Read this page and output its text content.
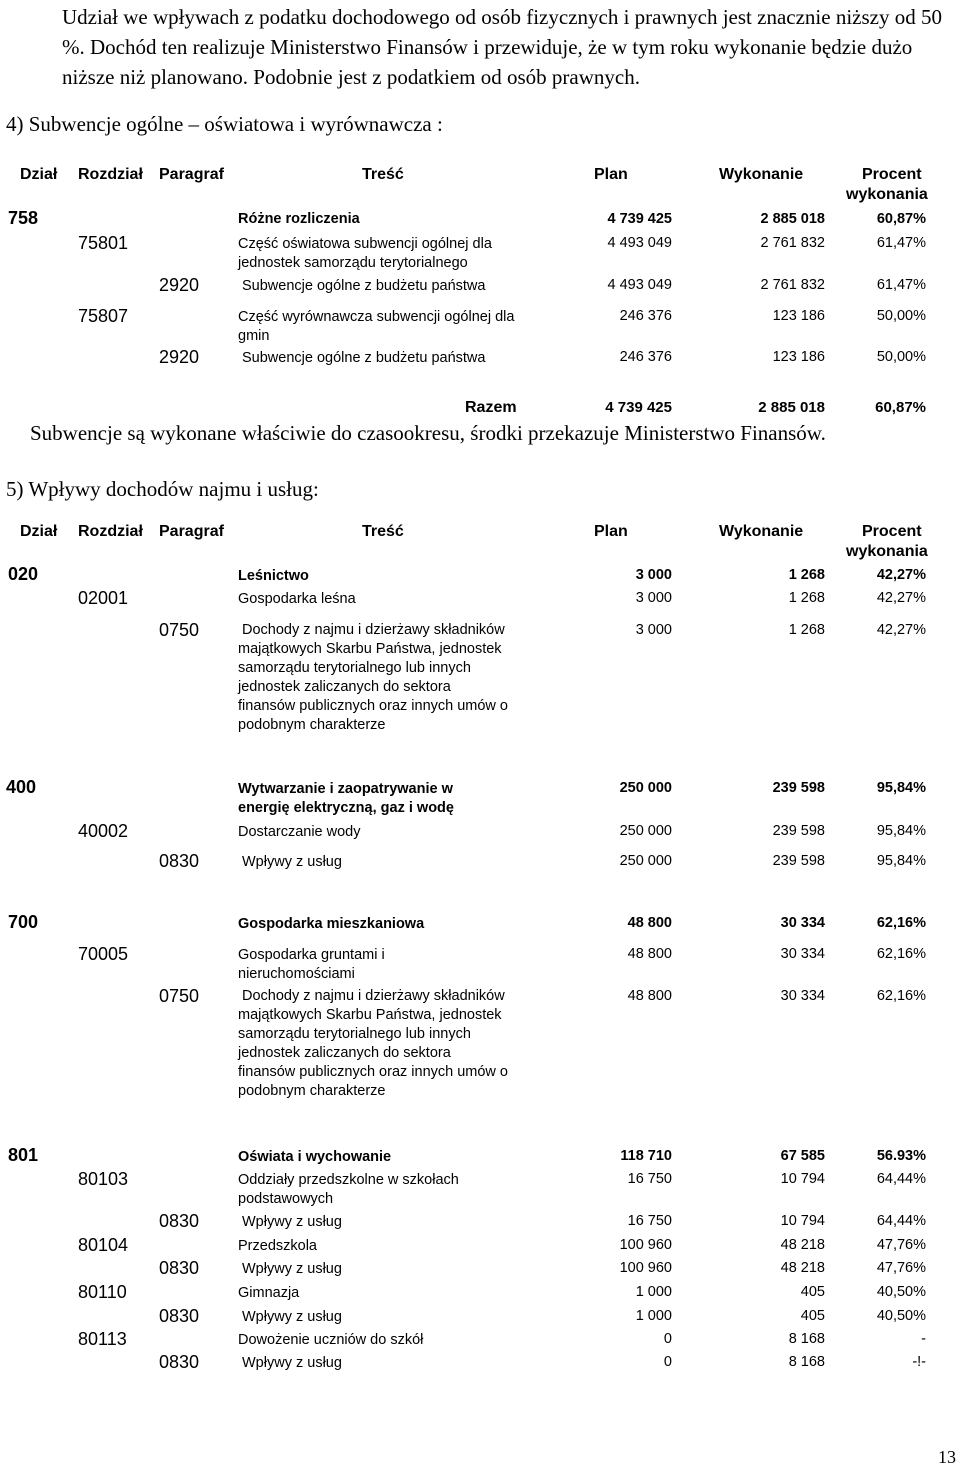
Udział we wpływach z podatku dochodowego od osób fizycznych i prawnych jest znacznie niższy od 50 %. Dochód ten realizuje Ministerstwo Finansów i przewiduje, że w tym roku wykonanie będzie dużo niższe niż planowano. Podobnie jest z podatkiem od osób prawnych.

4) Subwencje ogólne – oświatowa i wyrównawcza :
Dział Rozdział Paragraf	Treść	Plan	Wykonanie	Procent
wykonania
758	Różne rozliczenia	4 739 425	2 885 018	60,87%
75801	Część oświatowa subwencji ogólnej dla jednostek samorządu terytorialnego
4 493 049	2 761 832	61,47%
2920	Subwencje ogólne z budżetu państwa	4 493 049	2 761 832	61,47%
75807	Część wyrównawcza subwencji ogólnej dla gmin
246 376	123 186	50,00%
2920	Subwencje ogólne z budżetu państwa	246 376	123 186	50,00%
Razem	4 739 425	2 885 018	60,87%
Subwencje są wykonane właściwie do czasookresu, środki przekazuje Ministerstwo Finansów.
5) Wpływy dochodów najmu i usług:
Dział Rozdział Paragraf	Treść	Plan	Wykonanie	Procent
wykonania
020	Leśnictwo	3 000	1 268	42,27%
02001	Gospodarka leśna	3 000	1 268	42,27%
0750	Dochody z najmu i dzierżawy składników majątkowych Skarbu Państwa, jednostek samorządu terytorialnego lub innych jednostek zaliczanych do sektora finansów publicznych oraz innych umów o podobnym charakterze
3 000	1 268	42,27%
400	Wytwarzanie i zaopatrywanie w energię elektryczną, gaz i wodę
250 000	239 598	95,84%
40002	Dostarczanie wody	250 000	239 598	95,84%
0830	Wpływy z usług	250 000	239 598	95,84%
700	Gospodarka mieszkaniowa	48 800	30 334	62,16%
70005	Gospodarka gruntami i nieruchomościami
48 800	30 334	62,16%
0750	Dochody z najmu i dzierżawy składników majątkowych Skarbu Państwa, jednostek samorządu terytorialnego lub innych jednostek zaliczanych do sektora finansów publicznych oraz innych umów o podobnym charakterze
48 800	30 334	62,16%
801	Oświata i wychowanie	118 710	67 585	56.93%
80103	Oddziały przedszkolne w szkołach podstawowych
16 750	10 794	64,44%
0830	Wpływy z usług	16 750	10 794	64,44%
80104	Przedszkola	100 960	48 218	47,76%
0830	Wpływy z usług	100 960	48 218	47,76%
80110	Gimnazja	1 000	405	40,50%
0830	Wpływy z usług	1 000	405	40,50%
80113	Dowożenie uczniów do szkół	0	8 168	-
0830	Wpływy z usług	0	8 168	-!-
13
